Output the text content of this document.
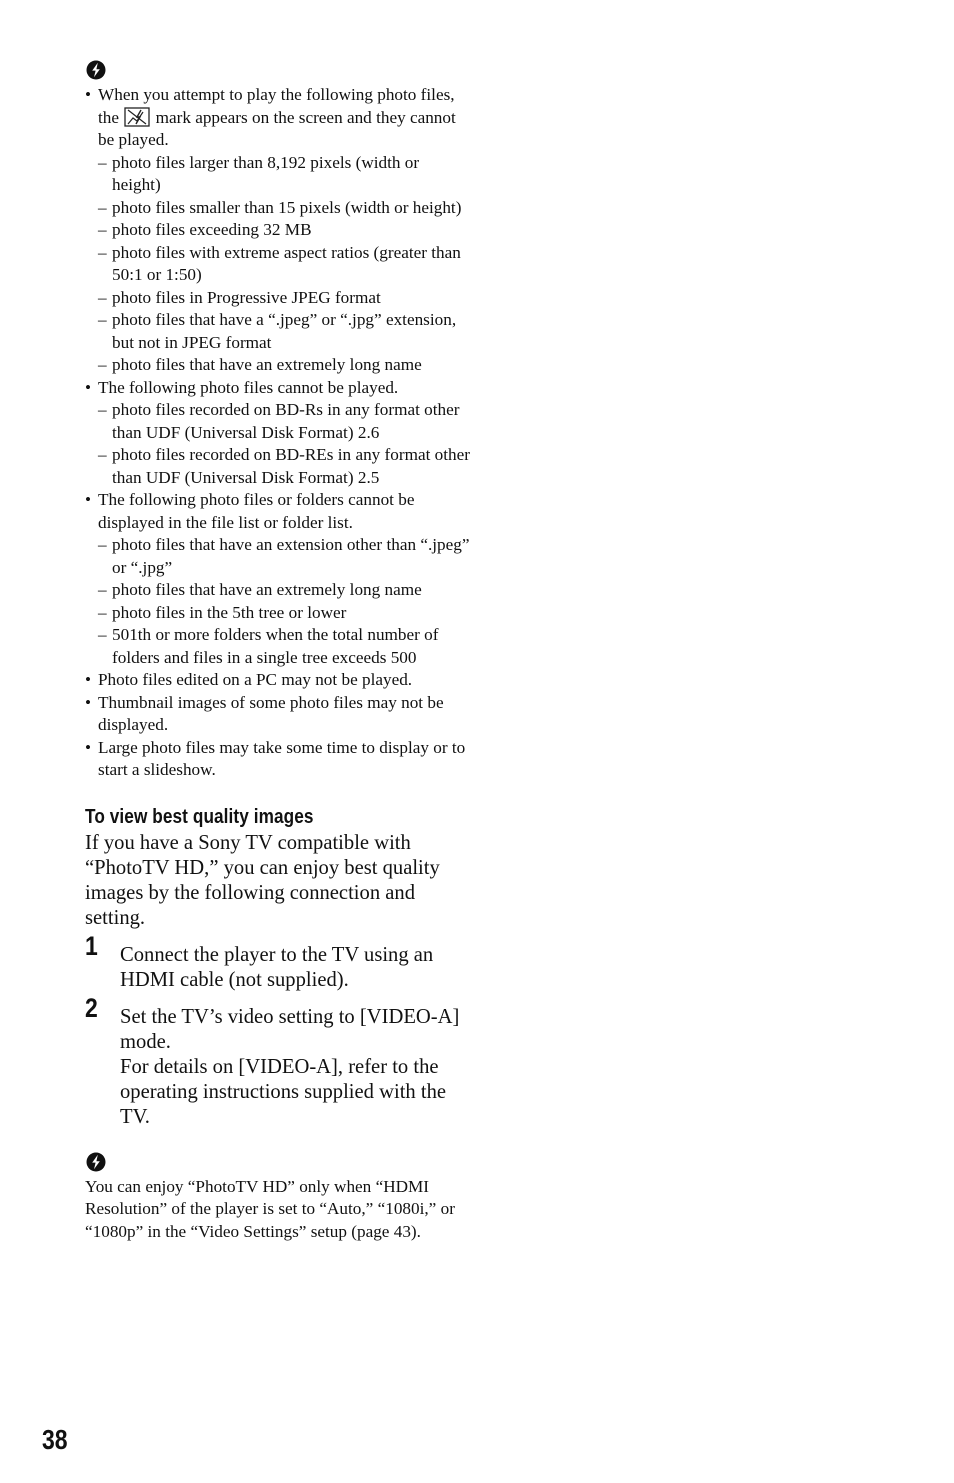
• When you attempt to play the following photo files, the mark appears on the screen and they cannot be played.
– photo files larger than 8,192 pixels (width or height)
– photo files smaller than 15 pixels (width or height)
– photo files exceeding 32 MB
– photo files with extreme aspect ratios (greater than 50:1 or 1:50)
– photo files in Progressive JPEG format
– photo files that have a “.jpeg” or “.jpg” extension, but not in JPEG format
– photo files that have an extremely long name
• The following photo files cannot be played.
– photo files recorded on BD-Rs in any format other than UDF (Universal Disk Format) 2.6
– photo files recorded on BD-REs in any format other than UDF (Universal Disk Format) 2.5
• The following photo files or folders cannot be displayed in the file list or folder list.
– photo files that have an extension other than “.jpeg” or “.jpg”
– photo files that have an extremely long name
– photo files in the 5th tree or lower
– 501th or more folders when the total number of folders and files in a single tree exceeds 500
• Photo files edited on a PC may not be played.
• Thumbnail images of some photo files may not be displayed.
• Large photo files may take some time to display or to start a slideshow.
To view best quality images

If you have a Sony TV compatible with “PhotoTV HD,” you can enjoy best quality images by the following connection and setting.

1 Connect the player to the TV using an HDMI cable (not supplied).

2 Set the TV’s video setting to [VIDEO-A] mode.

For details on [VIDEO-A], refer to the operating instructions supplied with the TV.

You can enjoy “PhotoTV HD” only when “HDMI Resolution” of the player is set to “Auto,” “1080i,” or “1080p” in the “Video Settings” setup (page 43).

38
